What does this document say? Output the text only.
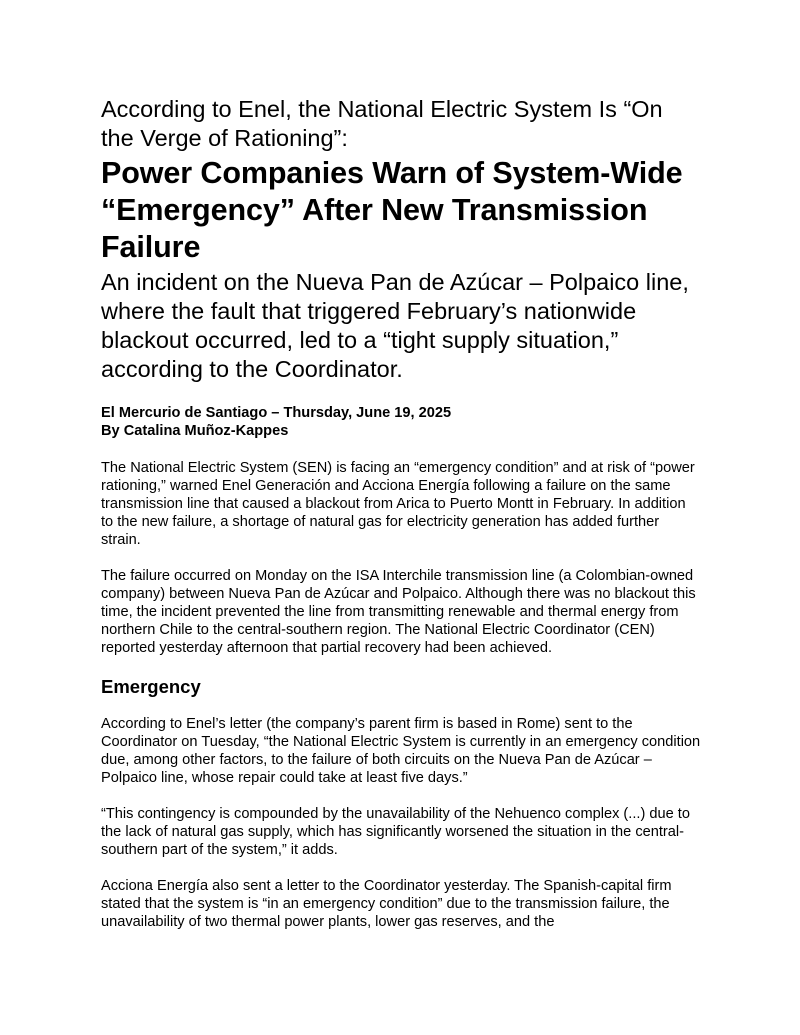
According to Enel, the National Electric System Is “On the Verge of Rationing”:
Power Companies Warn of System-Wide “Emergency” After New Transmission Failure
An incident on the Nueva Pan de Azúcar – Polpaico line, where the fault that triggered February’s nationwide blackout occurred, led to a “tight supply situation,” according to the Coordinator.
El Mercurio de Santiago – Thursday, June 19, 2025
By Catalina Muñoz-Kappes

The National Electric System (SEN) is facing an “emergency condition” and at risk of “power rationing,” warned Enel Generación and Acciona Energía following a failure on the same transmission line that caused a blackout from Arica to Puerto Montt in February. In addition to the new failure, a shortage of natural gas for electricity generation has added further strain.

The failure occurred on Monday on the ISA Interchile transmission line (a Colombian-owned company) between Nueva Pan de Azúcar and Polpaico. Although there was no blackout this time, the incident prevented the line from transmitting renewable and thermal energy from northern Chile to the central-southern region. The National Electric Coordinator (CEN) reported yesterday afternoon that partial recovery had been achieved.

Emergency

According to Enel’s letter (the company’s parent firm is based in Rome) sent to the Coordinator on Tuesday, “the National Electric System is currently in an emergency condition due, among other factors, to the failure of both circuits on the Nueva Pan de Azúcar – Polpaico line, whose repair could take at least five days.”

“This contingency is compounded by the unavailability of the Nehuenco complex (...) due to the lack of natural gas supply, which has significantly worsened the situation in the central-southern part of the system,” it adds.

Acciona Energía also sent a letter to the Coordinator yesterday. The Spanish-capital firm stated that the system is “in an emergency condition” due to the transmission failure, the unavailability of two thermal power plants, lower gas reserves, and the
